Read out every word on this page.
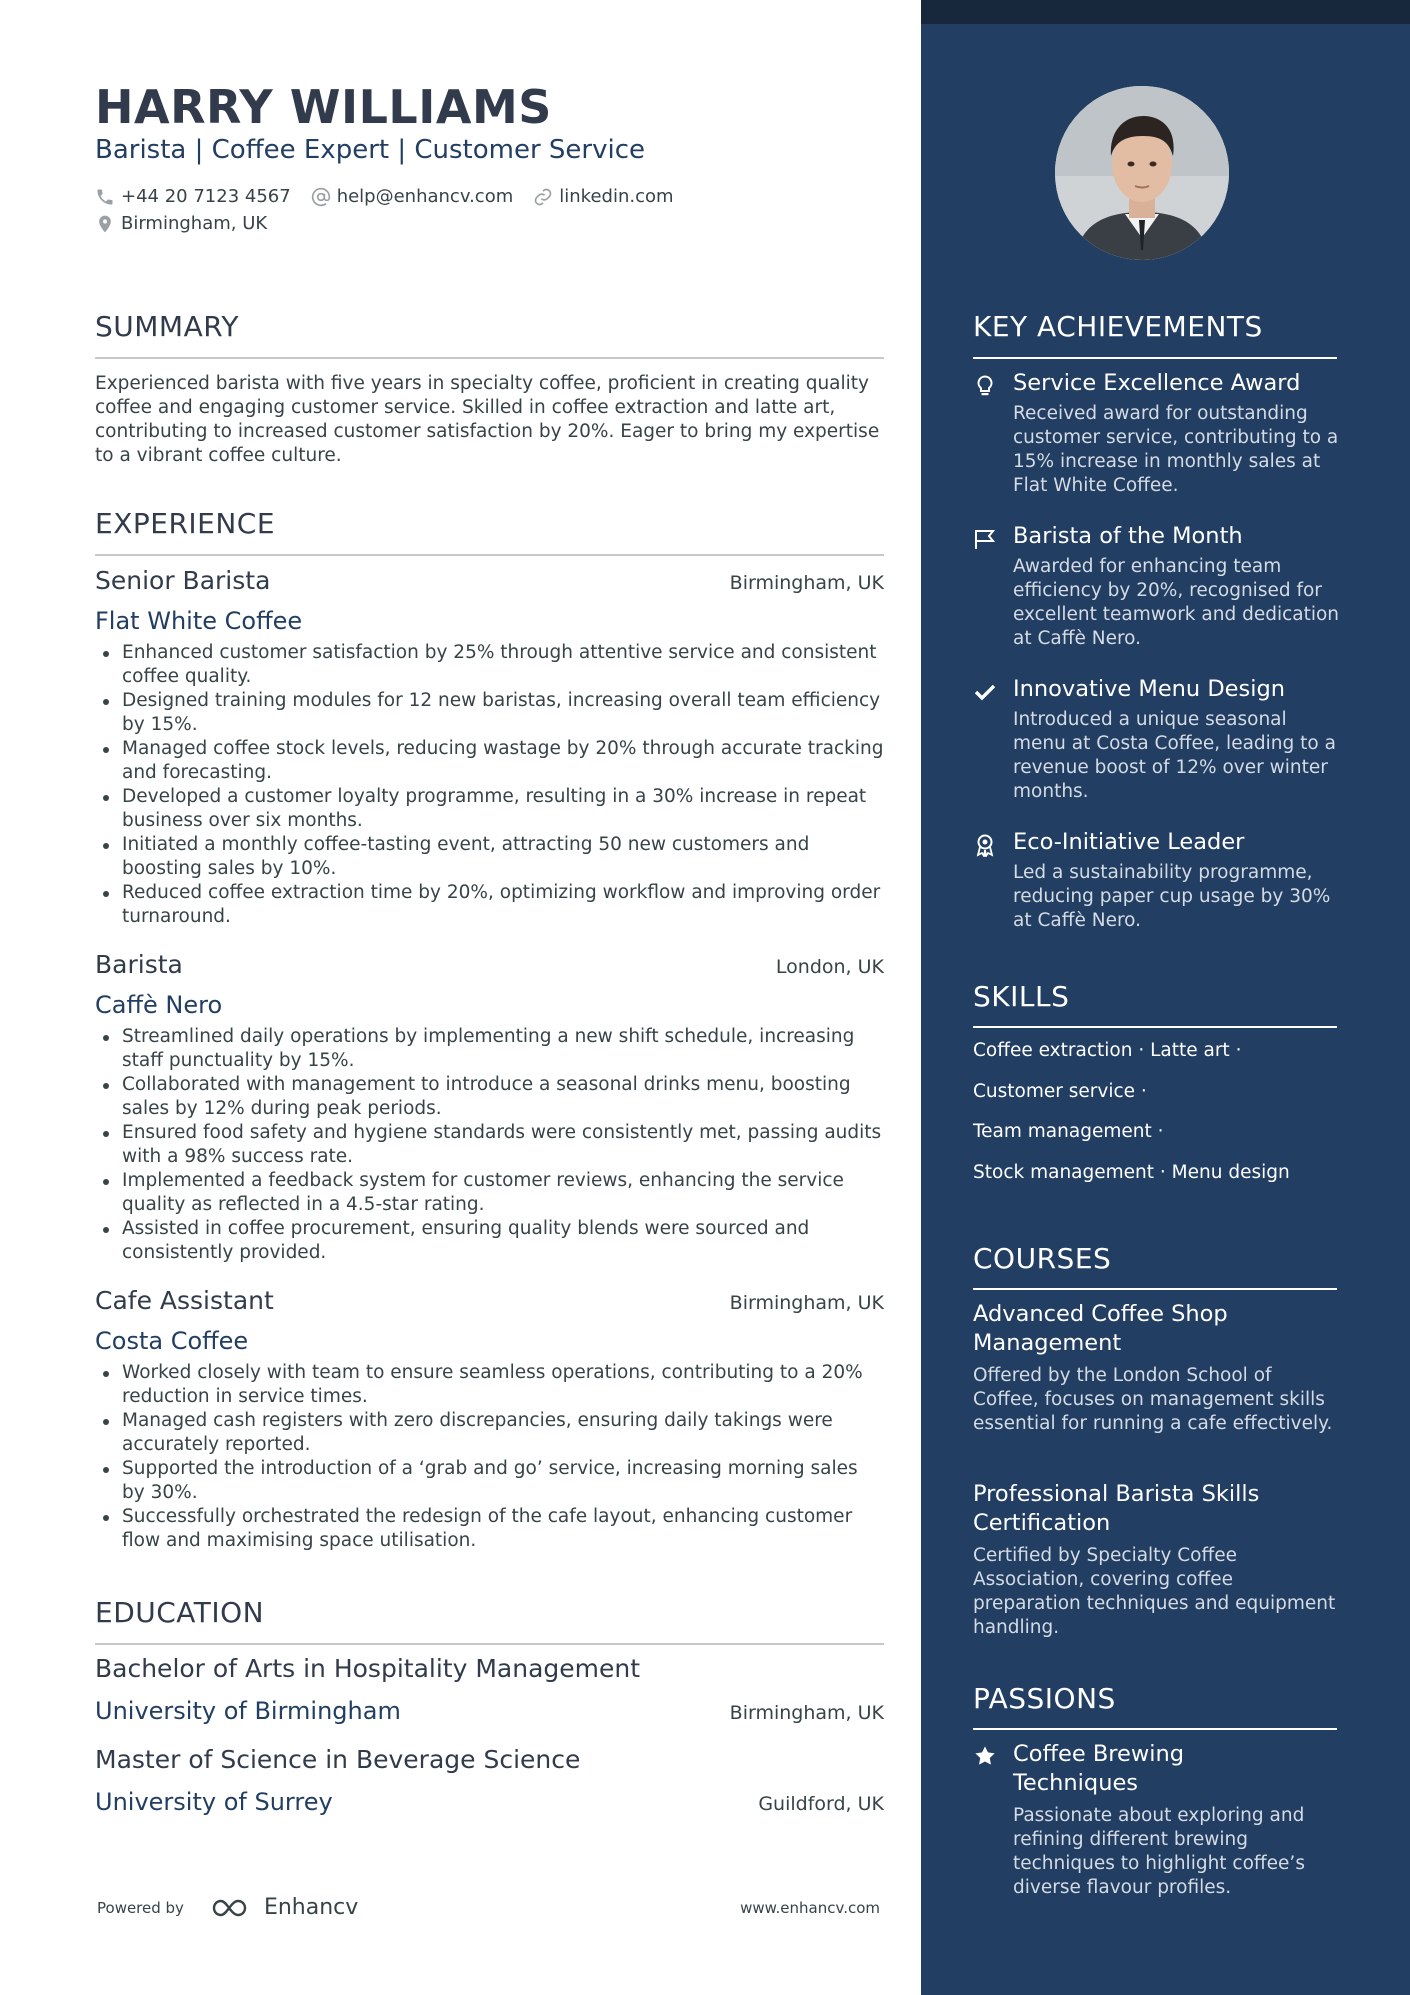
HARRY WILLIAMS
Barista | Coffee Expert | Customer Service
+44 20 7123 4567	help@enhancv.com	linkedin.com
Birmingham, UK
SUMMARY
Experienced barista with five years in specialty coffee, proficient in creating quality coffee and engaging customer service. Skilled in coffee extraction and latte art, contributing to increased customer satisfaction by 20%. Eager to bring my expertise to a vibrant coffee culture.
EXPERIENCE
Senior Barista	Birmingham, UK
Flat White Coffee
Enhanced customer satisfaction by 25% through attentive service and consistent coffee quality.
Designed training modules for 12 new baristas, increasing overall team efficiency by 15%.
Managed coffee stock levels, reducing wastage by 20% through accurate tracking and forecasting.
Developed a customer loyalty programme, resulting in a 30% increase in repeat business over six months.
Initiated a monthly coffee-tasting event, attracting 50 new customers and boosting sales by 10%.
Reduced coffee extraction time by 20%, optimizing workflow and improving order turnaround.
Barista	London, UK
Caffè Nero
Streamlined daily operations by implementing a new shift schedule, increasing staff punctuality by 15%.
Collaborated with management to introduce a seasonal drinks menu, boosting sales by 12% during peak periods.
Ensured food safety and hygiene standards were consistently met, passing audits with a 98% success rate.
Implemented a feedback system for customer reviews, enhancing the service quality as reflected in a 4.5-star rating.
Assisted in coffee procurement, ensuring quality blends were sourced and consistently provided.
Cafe Assistant	Birmingham, UK
Costa Coffee
Worked closely with team to ensure seamless operations, contributing to a 20% reduction in service times.
Managed cash registers with zero discrepancies, ensuring daily takings were accurately reported.
Supported the introduction of a ‘grab and go’ service, increasing morning sales by 30%.
Successfully orchestrated the redesign of the cafe layout, enhancing customer flow and maximising space utilisation.
EDUCATION
Bachelor of Arts in Hospitality Management
University of Birmingham	Birmingham, UK
Master of Science in Beverage Science
University of Surrey	Guildford, UK
Powered by	Enhancv	www.enhancv.com
KEY ACHIEVEMENTS
Service Excellence Award
Received award for outstanding customer service, contributing to a 15% increase in monthly sales at Flat White Coffee.
Barista of the Month
Awarded for enhancing team efficiency by 20%, recognised for excellent teamwork and dedication at Caffè Nero.
Innovative Menu Design
Introduced a unique seasonal menu at Costa Coffee, leading to a revenue boost of 12% over winter months.
Eco-Initiative Leader
Led a sustainability programme, reducing paper cup usage by 30% at Caffè Nero.
SKILLS
Coffee extraction · Latte art ·
Customer service ·
Team management ·
Stock management · Menu design
COURSES
Advanced Coffee Shop Management
Offered by the London School of Coffee, focuses on management skills essential for running a cafe effectively.
Professional Barista Skills Certification
Certified by Specialty Coffee Association, covering coffee preparation techniques and equipment handling.
PASSIONS
Coffee Brewing Techniques
Passionate about exploring and refining different brewing techniques to highlight coffee’s diverse flavour profiles.
